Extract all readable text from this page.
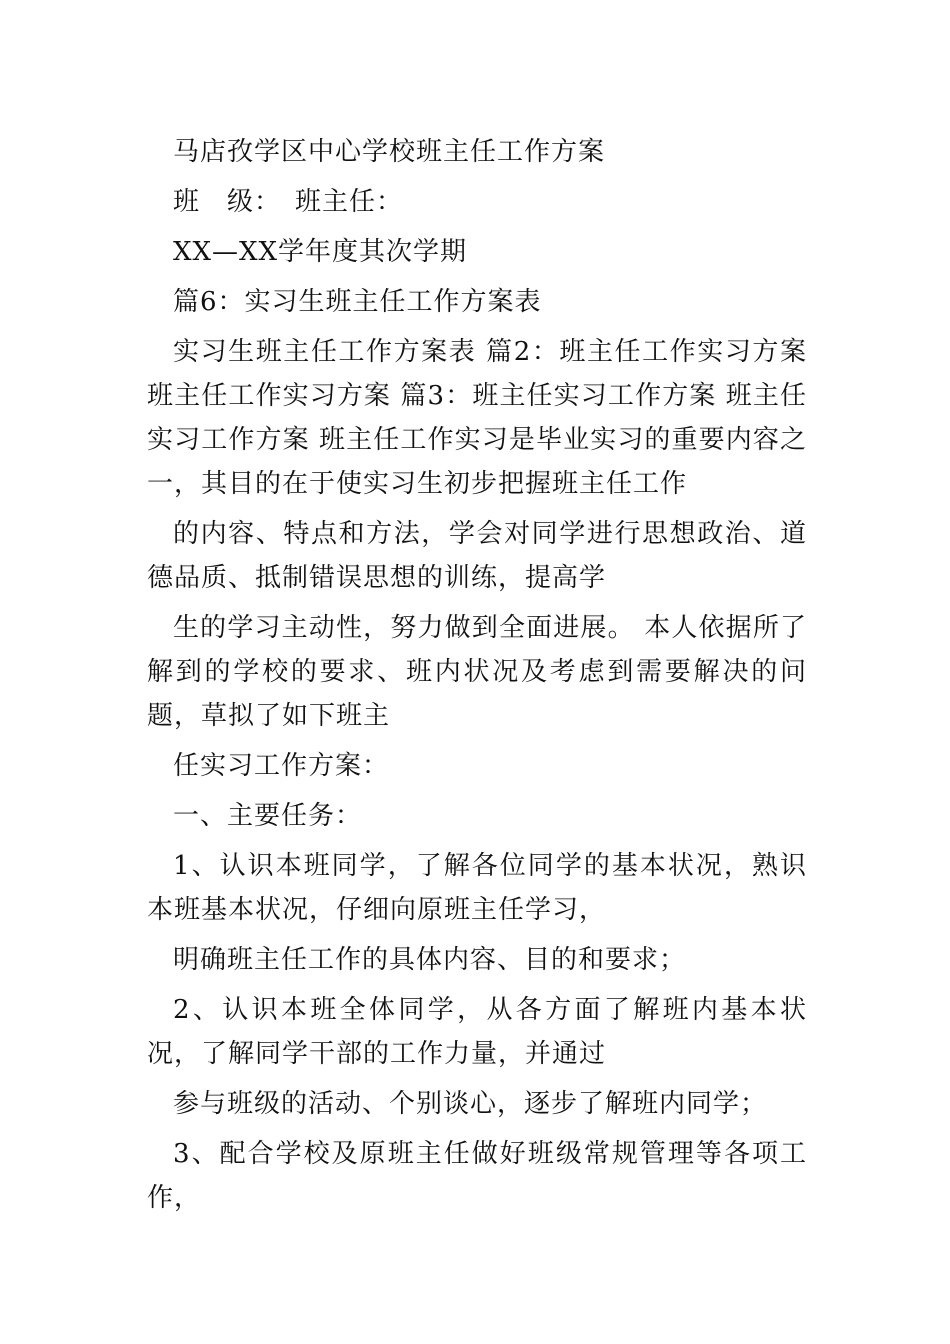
马店孜学区中心学校班主任工作方案

班　级：　班主任：

XX—XX学年度其次学期

篇6：实习生班主任工作方案表

实习生班主任工作方案表 篇2：班主任工作实习方案 班主任工作实习方案 篇3：班主任实习工作方案 班主任实习工作方案 班主任工作实习是毕业实习的重要内容之一，其目的在于使实习生初步把握班主任工作

的内容、特点和方法，学会对同学进行思想政治、道德品质、抵制错误思想的训练，提高学

生的学习主动性，努力做到全面进展。 本人依据所了解到的学校的要求、班内状况及考虑到需要解决的问题，草拟了如下班主

任实习工作方案：

一、主要任务：

1、认识本班同学，了解各位同学的基本状况，熟识本班基本状况，仔细向原班主任学习，

明确班主任工作的具体内容、目的和要求；

2、认识本班全体同学，从各方面了解班内基本状况，了解同学干部的工作力量，并通过

参与班级的活动、个别谈心，逐步了解班内同学；

3、配合学校及原班主任做好班级常规管理等各项工作，
